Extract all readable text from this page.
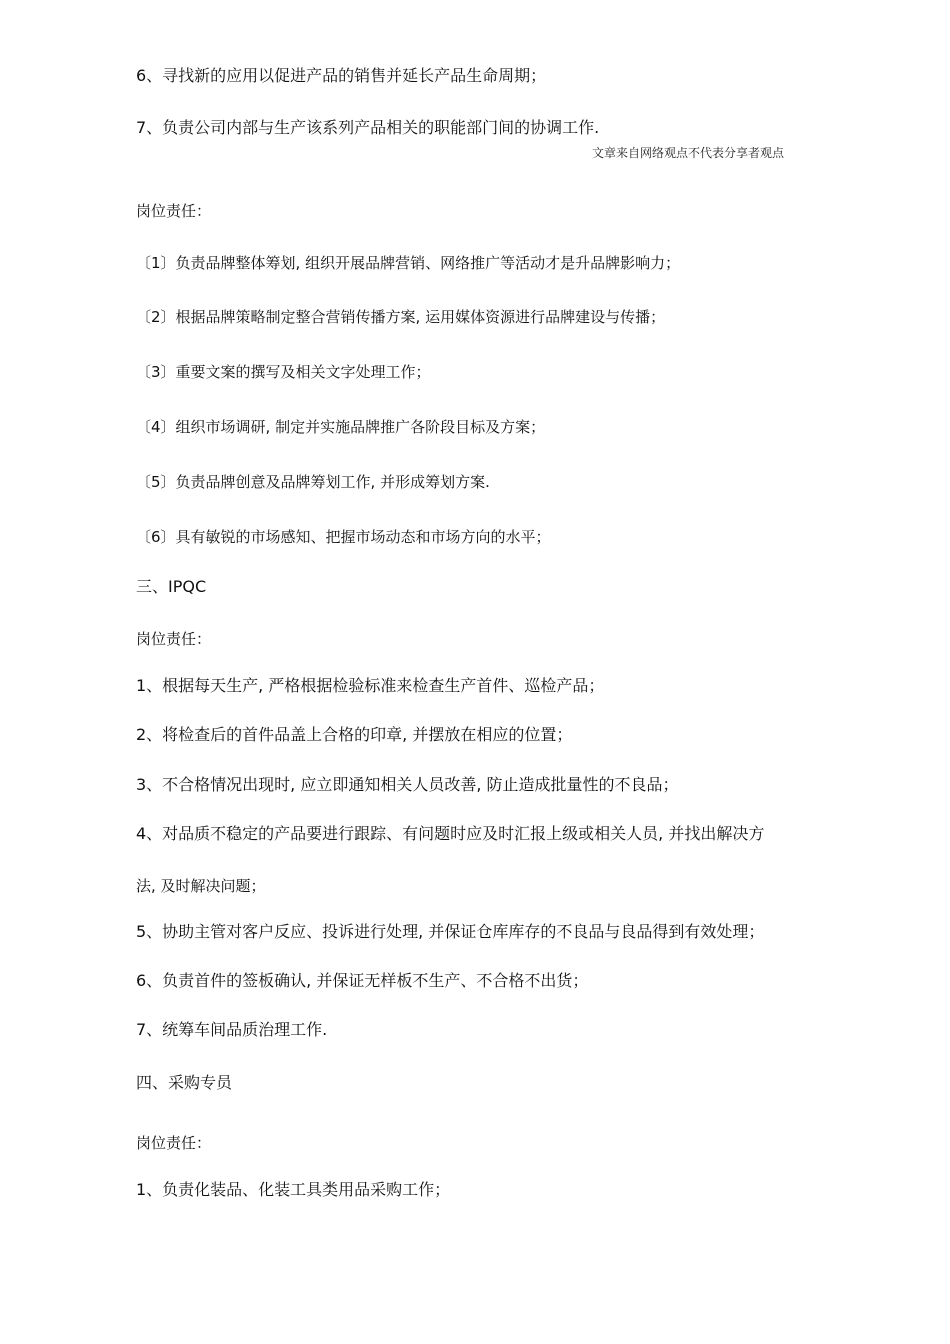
6、寻找新的应用以促进产品的销售并延长产品生命周期；
7、负责公司内部与生产该系列产品相关的职能部门间的协调工作.
文章来自网络观点不代表分享者观点
岗位责任：
〔1〕负责品牌整体筹划, 组织开展品牌营销、网络推广等活动才是升品牌影响力；
〔2〕根据品牌策略制定整合营销传播方案, 运用媒体资源进行品牌建设与传播；
〔3〕重要文案的撰写及相关文字处理工作；
〔4〕组织市场调研, 制定并实施品牌推广各阶段目标及方案；
〔5〕负责品牌创意及品牌筹划工作, 并形成筹划方案.
〔6〕具有敏锐的市场感知、把握市场动态和市场方向的水平；
三、IPQC
岗位责任：
1、根据每天生产, 严格根据检验标准来检查生产首件、巡检产品；
2、将检查后的首件品盖上合格的印章, 并摆放在相应的位置；
3、不合格情况出现时, 应立即通知相关人员改善, 防止造成批量性的不良品；
4、对品质不稳定的产品要进行跟踪、有问题时应及时汇报上级或相关人员, 并找出解决方
法, 及时解决问题；
5、协助主管对客户反应、投诉进行处理, 并保证仓库库存的不良品与良品得到有效处理；
6、负责首件的签板确认, 并保证无样板不生产、不合格不出货；
7、统筹车间品质治理工作.
四、采购专员
岗位责任：
1、负责化装品、化装工具类用品采购工作；
